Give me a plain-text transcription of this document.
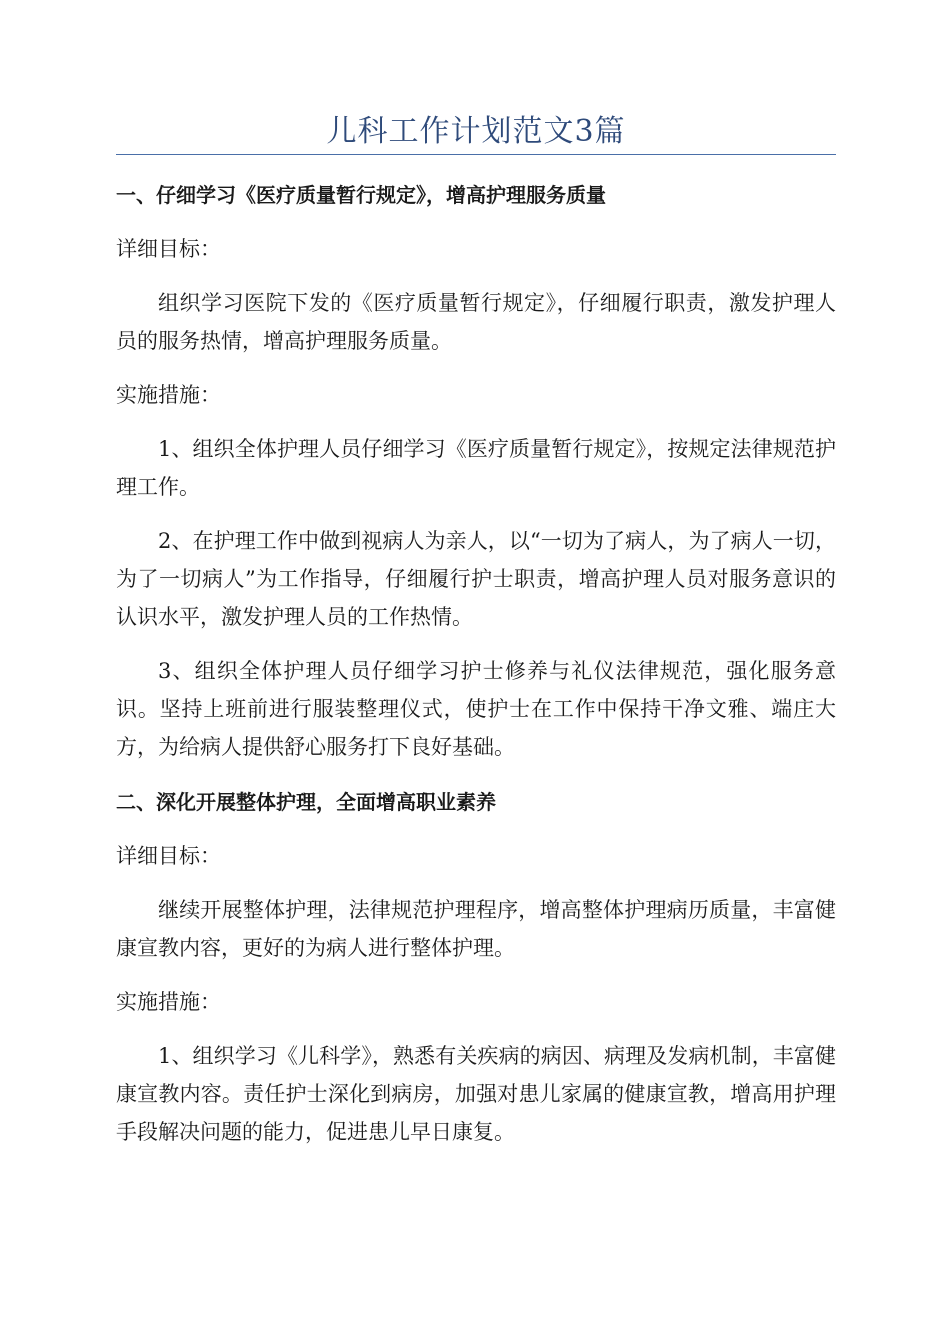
儿科工作计划范文3篇

一、仔细学习《医疗质量暂行规定》，增高护理服务质量

详细目标：

组织学习医院下发的《医疗质量暂行规定》，仔细履行职责，激发护理人员的服务热情，增高护理服务质量。

实施措施：

1、组织全体护理人员仔细学习《医疗质量暂行规定》，按规定法律规范护理工作。

2、在护理工作中做到视病人为亲人，以“一切为了病人，为了病人一切，为了一切病人”为工作指导，仔细履行护士职责，增高护理人员对服务意识的认识水平，激发护理人员的工作热情。

3、组织全体护理人员仔细学习护士修养与礼仪法律规范，强化服务意识。坚持上班前进行服装整理仪式，使护士在工作中保持干净文雅、端庄大方，为给病人提供舒心服务打下良好基础。

二、深化开展整体护理，全面增高职业素养

详细目标：

继续开展整体护理，法律规范护理程序，增高整体护理病历质量，丰富健康宣教内容，更好的为病人进行整体护理。

实施措施：

1、组织学习《儿科学》，熟悉有关疾病的病因、病理及发病机制，丰富健康宣教内容。责任护士深化到病房，加强对患儿家属的健康宣教，增高用护理手段解决问题的能力，促进患儿早日康复。
